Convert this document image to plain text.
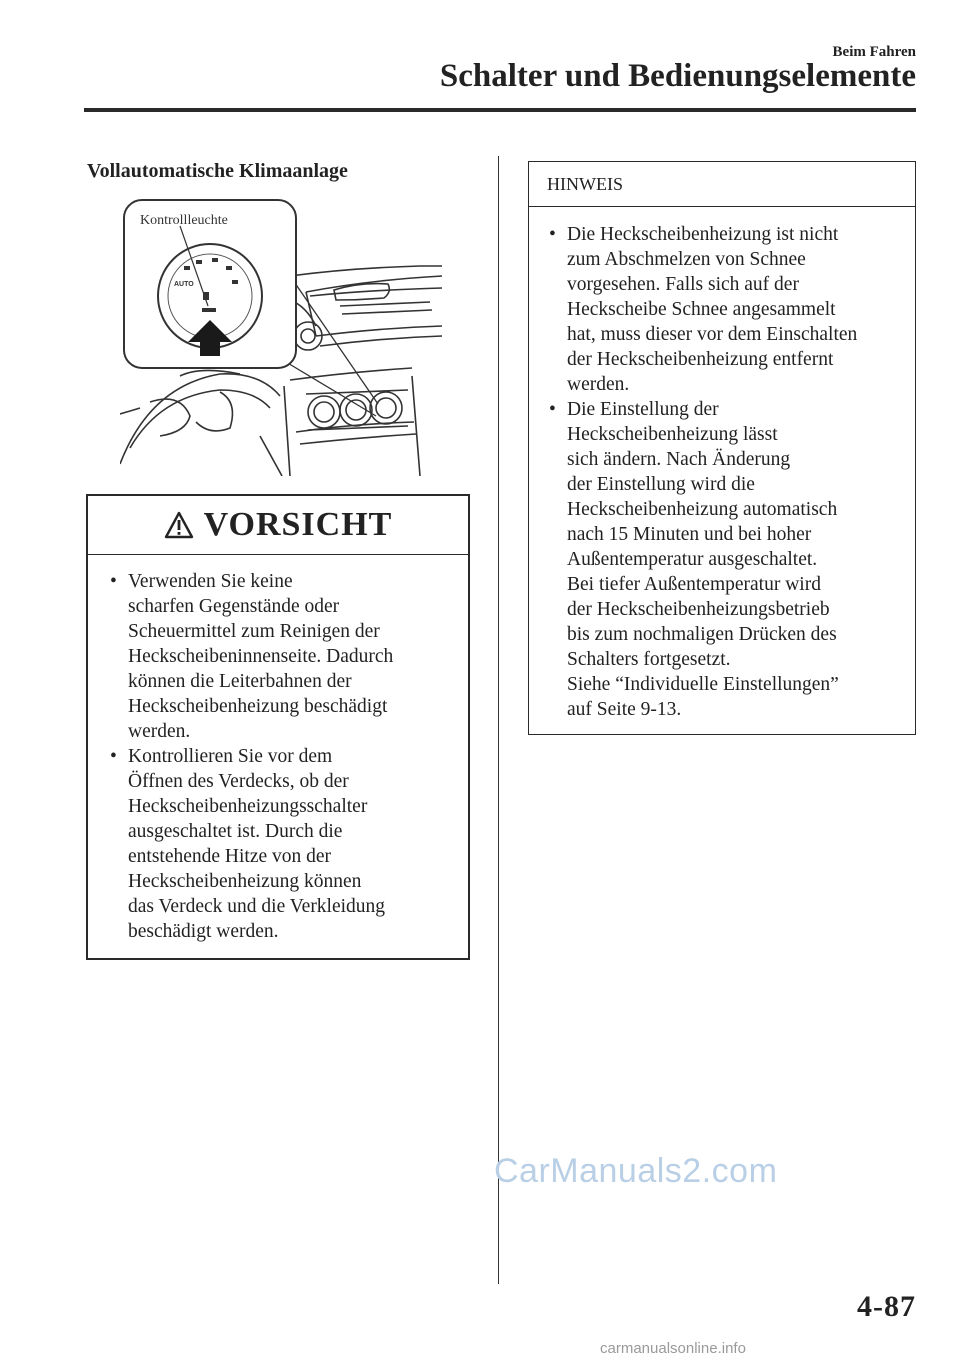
Beim Fahren
Schalter und Bedienungselemente
Vollautomatische Klimaanlage
AUTO
Kontrollleuchte
VORSICHT
• Verwenden Sie keine
scharfen Gegenstände oder
Scheuermittel zum Reinigen der
Heckscheibeninnenseite. Dadurch
können die Leiterbahnen der
Heckscheibenheizung beschädigt
werden.
• Kontrollieren Sie vor dem
Öffnen des Verdecks, ob der
Heckscheibenheizungsschalter
ausgeschaltet ist. Durch die
entstehende Hitze von der
Heckscheibenheizung können
das Verdeck und die Verkleidung
beschädigt werden.
HINWEIS
• Die Heckscheibenheizung ist nicht
zum Abschmelzen von Schnee
vorgesehen. Falls sich auf der
Heckscheibe Schnee angesammelt
hat, muss dieser vor dem Einschalten
der Heckscheibenheizung entfernt
werden.
• Die Einstellung der
Heckscheibenheizung lässt
sich ändern. Nach Änderung
der Einstellung wird die
Heckscheibenheizung automatisch
nach 15 Minuten und bei hoher
Außentemperatur ausgeschaltet.
Bei tiefer Außentemperatur wird
der Heckscheibenheizungsbetrieb
bis zum nochmaligen Drücken des
Schalters fortgesetzt.
Siehe “Individuelle Einstellungen”
auf Seite 9-13.
CarManuals2.com
4-87
carmanualsonline.info
